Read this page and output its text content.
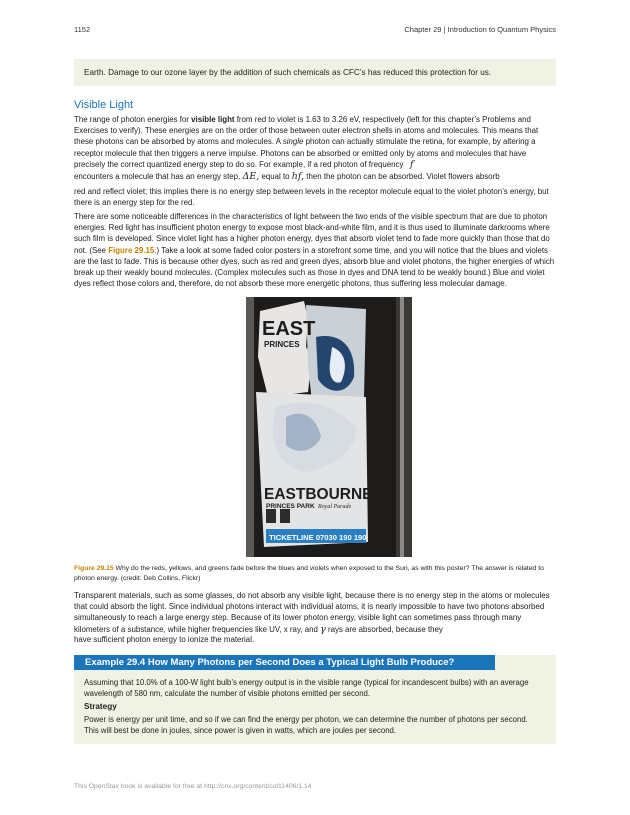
1152	Chapter 29 | Introduction to Quantum Physics
Earth. Damage to our ozone layer by the addition of such chemicals as CFC’s has reduced this protection for us.
Visible Light

The range of photon energies for visible light from red to violet is 1.63 to 3.26 eV, respectively (left for this chapter’s Problems and Exercises to verify). These energies are on the order of those between outer electron shells in atoms and molecules. This means that these photons can be absorbed by atoms and molecules. A single photon can actually stimulate the retina, for example, by altering a receptor molecule that then triggers a nerve impulse. Photons can be absorbed or emitted only by atoms and molecules that have precisely the correct quantized energy step to do so. For example, if a red photon of frequency   f

encounters a molecule that has an energy step, ΔE, equal to hf, then the photon can be absorbed. Violet flowers absorb

red and reflect violet; this implies there is no energy step between levels in the receptor molecule equal to the violet photon’s energy, but there is an energy step for the red.

There are some noticeable differences in the characteristics of light between the two ends of the visible spectrum that are due to photon energies. Red light has insufficient photon energy to expose most black-and-white film, and it is thus used to illuminate darkrooms where such film is developed. Since violet light has a higher photon energy, dyes that absorb violet tend to fade more quickly than those that do not. (See Figure 29.15.) Take a look at some faded color posters in a storefront some time, and you will notice that the blues and violets are the last to fade. This is because other dyes, such as red and green dyes, absorb blue and violet photons, the higher energies of which break up their weakly bound molecules. (Complex molecules such as those in dyes and DNA tend to be weakly bound.) Blue and violet dyes reflect those colors and, therefore, do not absorb these more energetic photons, thus suffering less molecular damage.

EAST
PRINCES
EASTBOURNE
PRINCES PARK Royal Parade
TICKETLINE 07030 190 190
Figure 29.15 Why do the reds, yellows, and greens fade before the blues and violets when exposed to the Sun, as with this poster? The answer is related to photon energy. (credit: Deb Collins, Flickr)

Transparent materials, such as some glasses, do not absorb any visible light, because there is no energy step in the atoms or molecules that could absorb the light. Since individual photons interact with individual atoms, it is nearly impossible to have two photons absorbed simultaneously to reach a large energy step. Because of its lower photon energy, visible light can sometimes pass through many kilometers of a substance, while higher frequencies like UV, x ray, and γ rays are absorbed, because they

have sufficient photon energy to ionize the material.

Example 29.4 How Many Photons per Second Does a Typical Light Bulb Produce?

Assuming that 10.0% of a 100-W light bulb’s energy output is in the visible range (typical for incandescent bulbs) with an average wavelength of 580 nm, calculate the number of visible photons emitted per second.

Strategy

Power is energy per unit time, and so if we can find the energy per photon, we can determine the number of photons per second. This will best be done in joules, since power is given in watts, which are joules per second.

This OpenStax book is available for free at http://cnx.org/content/col11406/1.14
